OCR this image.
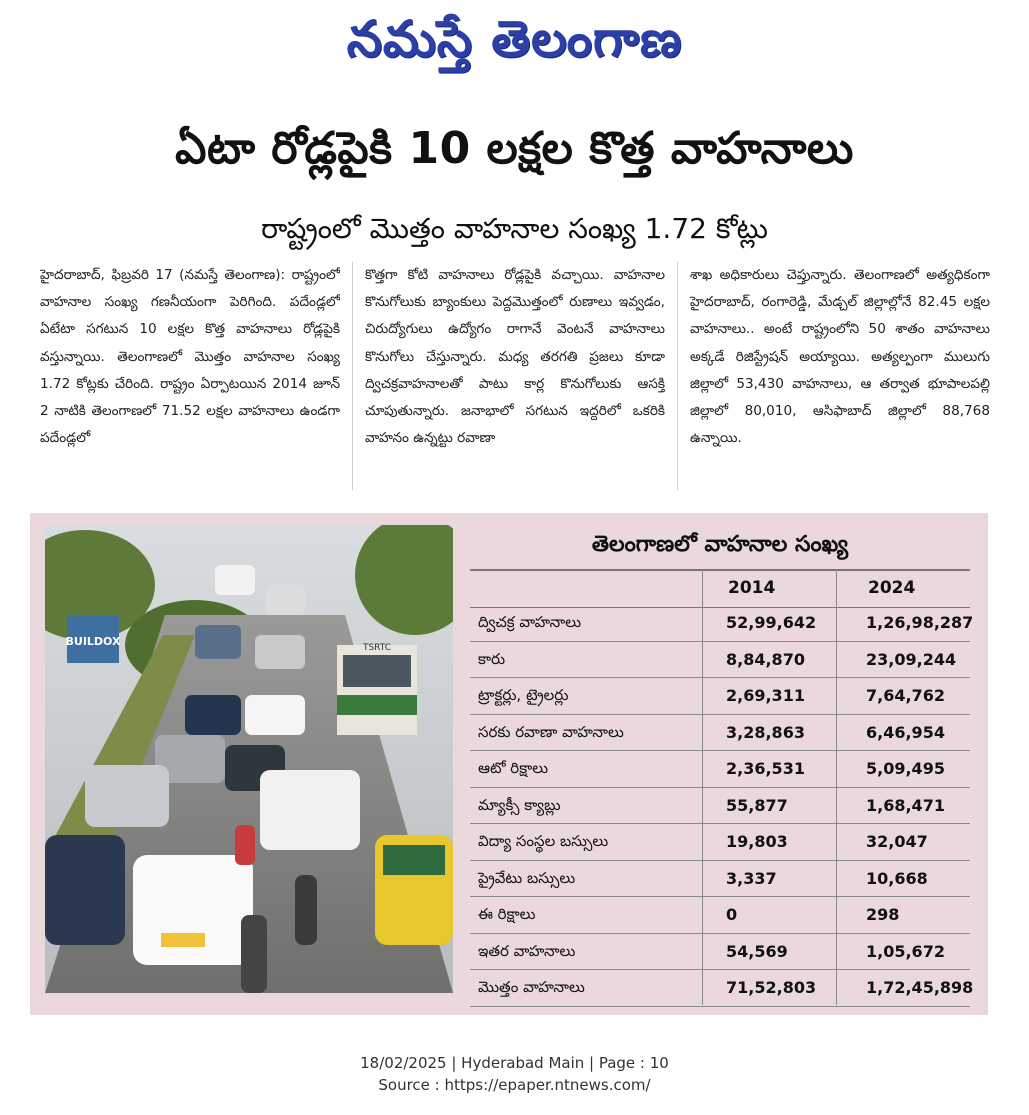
నమస్తే తెలంగాణ
ఏటా రోడ్లపైకి 10 లక్షల కొత్త వాహనాలు
రాష్ట్రంలో మొత్తం వాహనాల సంఖ్య 1.72 కోట్లు
హైదరాబాద్, ఫిబ్రవరి 17 (నమస్తే తెలంగాణ): రాష్ట్రంలో వాహనాల సంఖ్య గణనీయంగా పెరిగింది. పదేండ్లలో ఏటేటా సగటున 10 లక్షల కొత్త వాహనాలు రోడ్లపైకి వస్తున్నాయి. తెలంగాణలో మొత్తం వాహనాల సంఖ్య 1.72 కోట్లకు చేరింది. రాష్ట్రం ఏర్పాటయిన 2014 జూన్ 2 నాటికి తెలంగాణలో 71.52 లక్షల వాహనాలు ఉండగా పదేండ్లలో
కొత్తగా కోటి వాహనాలు రోడ్లపైకి వచ్చాయి. వాహనాల కొనుగోలుకు బ్యాంకులు పెద్దమొత్తంలో రుణాలు ఇవ్వడం, చిరుద్యోగులు ఉద్యోగం రాగానే వెంటనే వాహనాలు కొనుగోలు చేస్తున్నారు. మధ్య తరగతి ప్రజలు కూడా ద్విచక్రవాహనాలతో పాటు కార్ల కొనుగోలుకు ఆసక్తి చూపుతున్నారు. జనాభాలో సగటున ఇద్దరిలో ఒకరికి వాహనం ఉన్నట్టు రవాణా
శాఖ అధికారులు చెప్తున్నారు. తెలంగాణలో అత్యధికంగా హైదరాబాద్, రంగారెడ్డి, మేడ్చల్ జిల్లాల్లోనే 82.45 లక్షల వాహనాలు.. అంటే రాష్ట్రంలోని 50 శాతం వాహనాలు అక్కడే రిజిస్ట్రేషన్ అయ్యాయి. అత్యల్పంగా ములుగు జిల్లాలో 53,430 వాహనాలు, ఆ తర్వాత భూపాలపల్లి జిల్లాలో 80,010, ఆసిఫాబాద్ జిల్లాలో 88,768 ఉన్నాయి.
BUILDOX	TSRTC
తెలంగాణలో వాహనాల సంఖ్య
2014	2024
ద్విచక్ర వాహనాలు	52,99,642	1,26,98,287
కారు	8,84,870	23,09,244
ట్రాక్టర్లు, ట్రైలర్లు	2,69,311	7,64,762
సరకు రవాణా వాహనాలు	3,28,863	6,46,954
ఆటో రిక్షాలు	2,36,531	5,09,495
మ్యాక్సీ క్యాబ్లు	55,877	1,68,471
విద్యా సంస్థల బస్సులు	19,803	32,047
ప్రైవేటు బస్సులు	3,337	10,668
ఈ రిక్షాలు	0	298
ఇతర వాహనాలు	54,569	1,05,672
మొత్తం వాహనాలు	71,52,803	1,72,45,898
18/02/2025 | Hyderabad Main | Page : 10
Source : https://epaper.ntnews.com/
